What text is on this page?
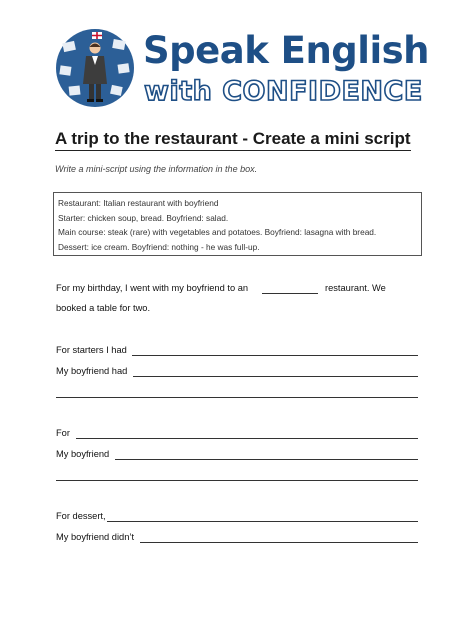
Speak English
with CONFIDENCE
A trip to the restaurant - Create a mini script
Write a mini-script using the information in the box.
Restaurant: Italian restaurant with boyfriend
Starter: chicken soup, bread. Boyfriend: salad.
Main course: steak (rare) with vegetables and potatoes. Boyfriend: lasagna with bread.
Dessert: ice cream. Boyfriend: nothing - he was full-up.
For my birthday, I went with my boyfriend to an	restaurant. We
booked a table for two.
For starters I had
My boyfriend had
For
My boyfriend
For dessert,
My boyfriend didn’t
